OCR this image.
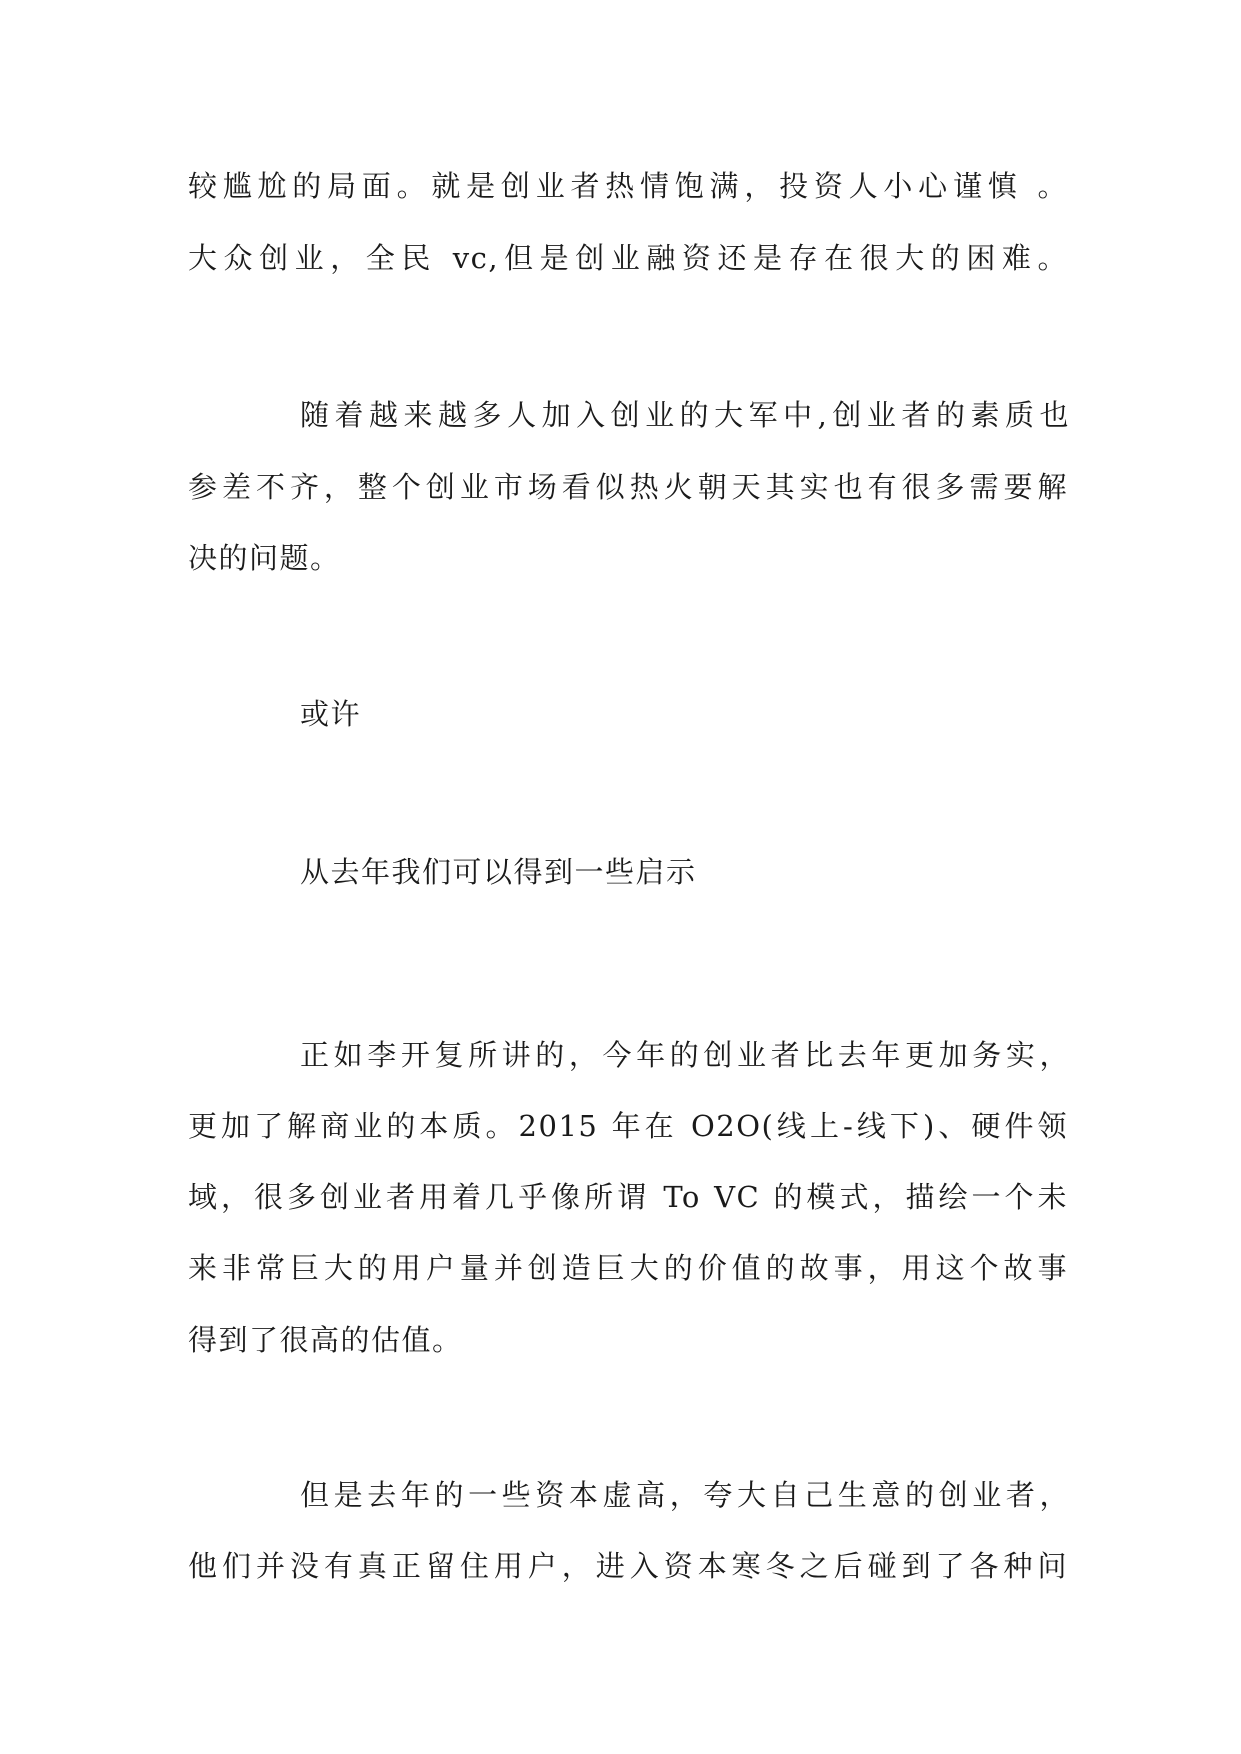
较尴尬的局面。就是创业者热情饱满，投资人小心谨慎 。
大众创业，全民 vc,但是创业融资还是存在很大的困难。
随着越来越多人加入创业的大军中,创业者的素质也
参差不齐，整个创业市场看似热火朝天其实也有很多需要解
决的问题。
或许
从去年我们可以得到一些启示
正如李开复所讲的，今年的创业者比去年更加务实，
更加了解商业的本质。2015 年在 O2O(线上-线下)、硬件领
域，很多创业者用着几乎像所谓 To VC 的模式，描绘一个未
来非常巨大的用户量并创造巨大的价值的故事，用这个故事
得到了很高的估值。
但是去年的一些资本虚高，夸大自己生意的创业者，
他们并没有真正留住用户，进入资本寒冬之后碰到了各种问
